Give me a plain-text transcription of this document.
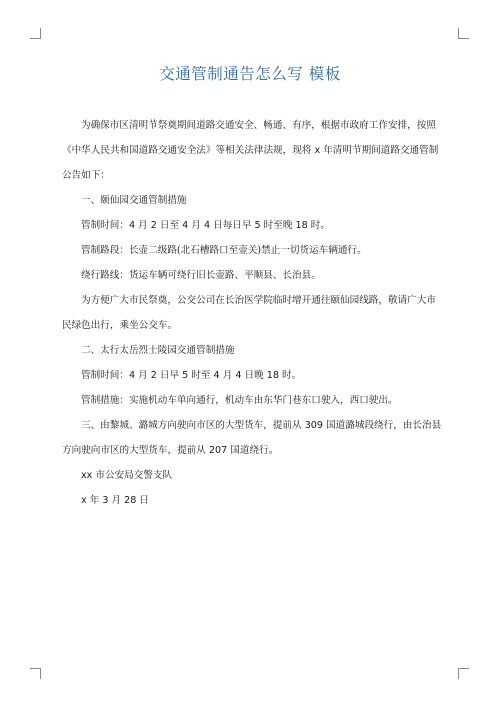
交通管制通告怎么写 模板

为确保市区清明节祭奠期间道路交通安全、畅通、有序，根据市政府工作安排，按照《中华人民共和国道路交通安全法》等相关法律法规，现将 x 年清明节期间道路交通管制公告如下：

一、颐仙园交通管制措施

管制时间：4 月 2 日至 4 月 4 日每日早 5 时至晚 18 时。

管制路段：长壶二级路(北石槽路口至壶关)禁止一切货运车辆通行。

绕行路线：货运车辆可绕行旧长壶路、平顺县、长治县。

为方便广大市民祭奠，公交公司在长治医学院临时增开通往颐仙园线路，敬请广大市民绿色出行，乘坐公交车。

二、太行太岳烈士陵园交通管制措施

管制时间：4 月 2 日早 5 时至 4 月 4 日晚 18 时。

管制措施：实施机动车单向通行，机动车由东华门巷东口驶入，西口驶出。

三、由黎城、潞城方向驶向市区的大型货车，提前从 309 国道潞城段绕行，由长治县方向驶向市区的大型货车，提前从 207 国道绕行。

xx 市公安局交警支队

x 年 3 月 28 日
